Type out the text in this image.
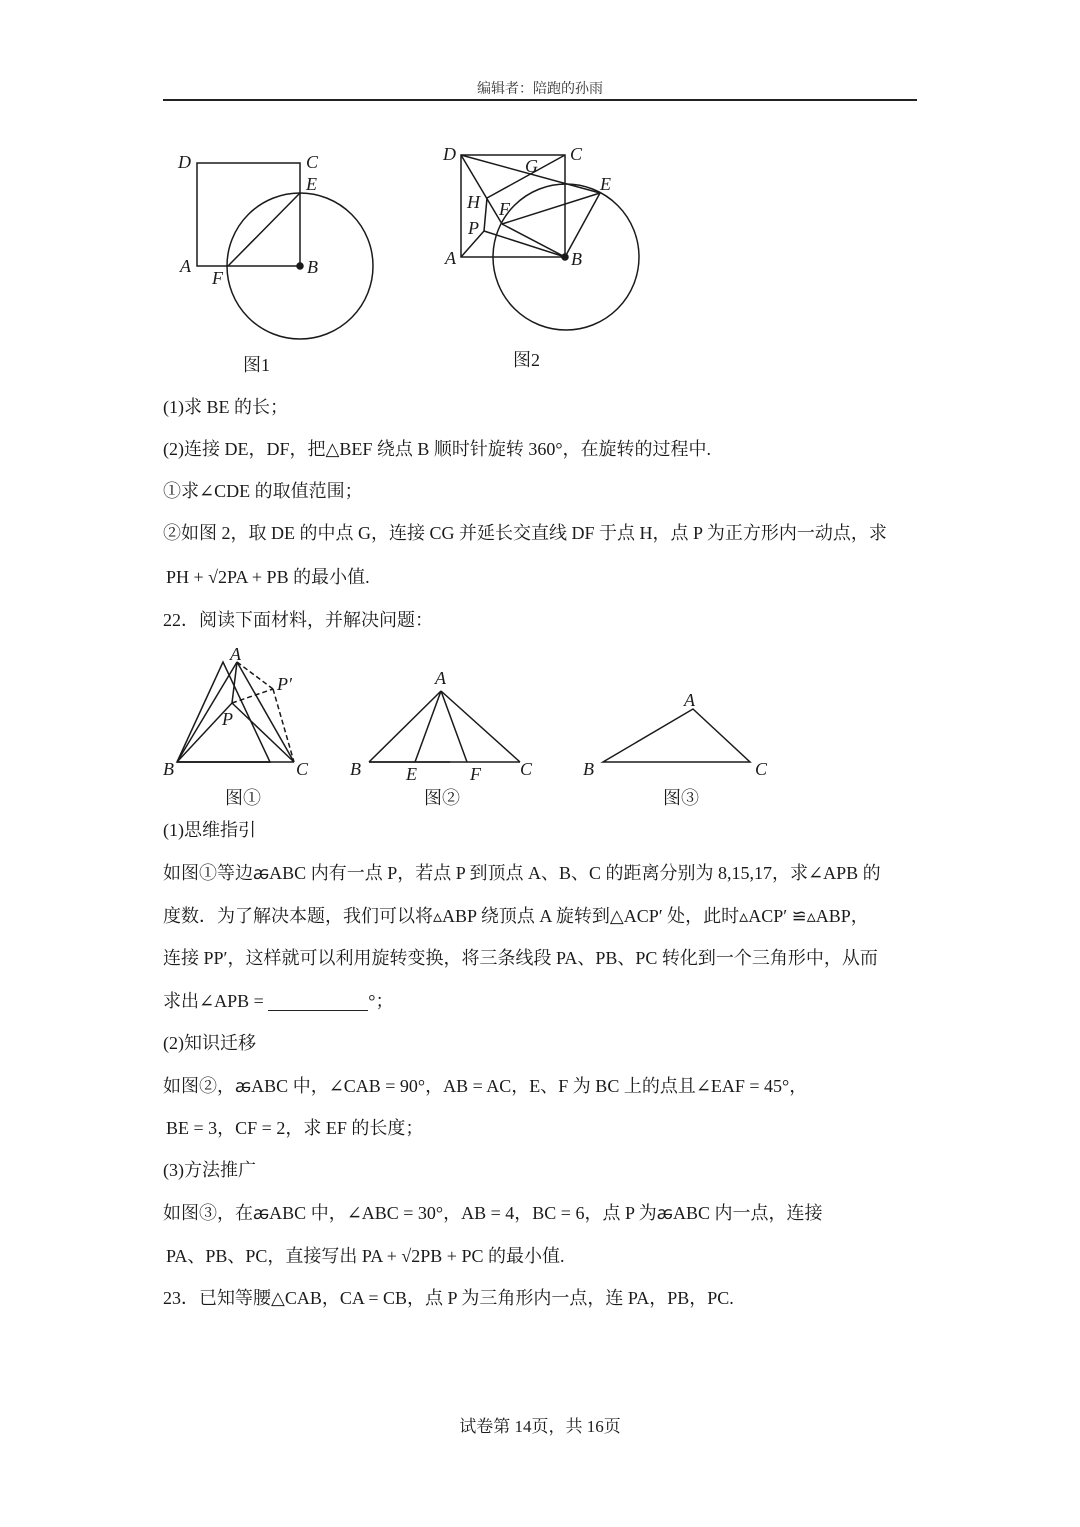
编辑者：陪跑的孙雨
D	C
E
A
F
B
图1
D
G
C
E
H F
P
A	B
图2
A
P′
P
B	C
图①
A
B	E	F C
图②
A
B	C
图③
(1)求 BE 的长；
(2)连接 DE，DF，把△BEF 绕点 B 顺时针旋转 360°，在旋转的过程中.
①求∠CDE 的取值范围；
②如图 2，取 DE 的中点 G，连接 CG 并延长交直线 DF 于点 H，点 P 为正方形内一动点，求
PH + √2PA + PB 的最小值.
22．阅读下面材料，并解决问题：
(1)思维指引
如图①等边ꬱABC 内有一点 P，若点 P 到顶点 A、B、C 的距离分别为 8,15,17，求∠APB 的
度数．为了解决本题，我们可以将▵ABP 绕顶点 A 旋转到△ACP′ 处，此时▵ACP′ ≌▵ABP，
连接 PP′，这样就可以利用旋转变换，将三条线段 PA、PB、PC 转化到一个三角形中，从而
求出∠APB =	°；
(2)知识迁移
如图②，ꬱABC 中，∠CAB = 90°，AB = AC，E、F 为 BC 上的点且∠EAF = 45°，
BE = 3，CF = 2，求 EF 的长度；
(3)方法推广
如图③，在ꬱABC 中，∠ABC = 30°，AB = 4，BC = 6，点 P 为ꬱABC 内一点，连接
PA、PB、PC，直接写出 PA + √2PB + PC 的最小值.
23．已知等腰△CAB，CA = CB，点 P 为三角形内一点，连 PA，PB，PC.
试卷第 14页，共 16页
